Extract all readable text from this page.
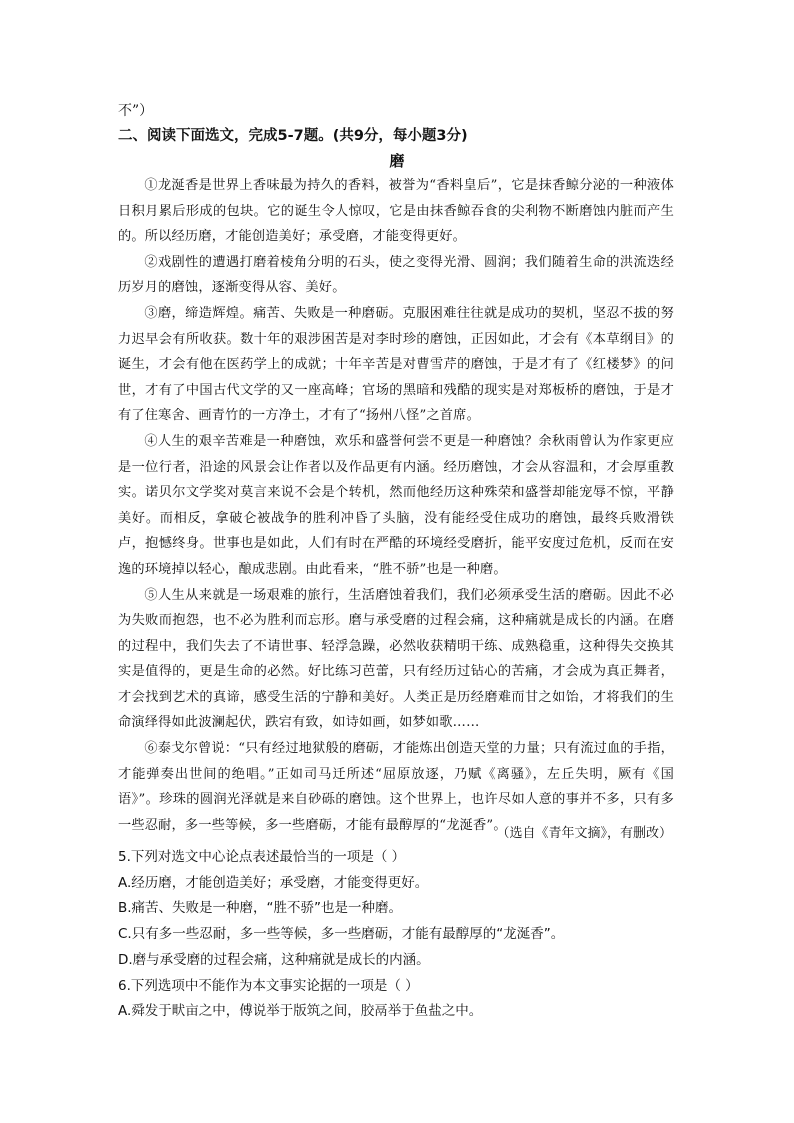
不”）
二、阅读下面选文，完成5-7题。(共9分，每小题3分)
磨

①龙涎香是世界上香味最为持久的香料，被誉为“香料皇后”，它是抹香鲸分泌的一种液体日积月累后形成的包块。它的诞生令人惊叹，它是由抹香鲸吞食的尖利物不断磨蚀内脏而产生的。所以经历磨，才能创造美好；承受磨，才能变得更好。

②戏剧性的遭遇打磨着棱角分明的石头，使之变得光滑、圆润；我们随着生命的洪流迭经历岁月的磨蚀，逐渐变得从容、美好。

③磨，缔造辉煌。痛苦、失败是一种磨砺。克服困难往往就是成功的契机，坚忍不拔的努力迟早会有所收获。数十年的艰涉困苦是对李时珍的磨蚀，正因如此，才会有《本草纲目》的诞生，才会有他在医药学上的成就；十年辛苦是对曹雪芹的磨蚀，于是才有了《红楼梦》的问世，才有了中国古代文学的又一座高峰；官场的黑暗和残酷的现实是对郑板桥的磨蚀，于是才有了住寒舍、画青竹的一方净土，才有了“扬州八怪”之首席。

④人生的艰辛苦难是一种磨蚀，欢乐和盛誉何尝不更是一种磨蚀？余秋雨曾认为作家更应是一位行者，沿途的风景会让作者以及作品更有内涵。经历磨蚀，才会从容温和，才会厚重教实。诺贝尔文学奖对莫言来说不会是个转机，然而他经历这种殊荣和盛誉却能宠辱不惊，平静美好。而相反，拿破仑被战争的胜利冲昏了头脑，没有能经受住成功的磨蚀，最终兵败滑铁卢，抱憾终身。世事也是如此，人们有时在严酷的环境经受磨折，能平安度过危机，反而在安逸的环境掉以轻心，酿成悲剧。由此看来，“胜不骄”也是一种磨。

⑤人生从来就是一场艰难的旅行，生活磨蚀着我们，我们必须承受生活的磨砺。因此不必为失败而抱怨，也不必为胜利而忘形。磨与承受磨的过程会痛，这种痛就是成长的内涵。在磨的过程中，我们失去了不请世事、轻浮急躁，必然收获精明干练、成熟稳重，这种得失交换其实是值得的，更是生命的必然。好比练习芭蕾，只有经历过钻心的苦痛，才会成为真正舞者，才会找到艺术的真谛，感受生活的宁静和美好。人类正是历经磨难而甘之如饴，才将我们的生命演绎得如此波澜起伏，跌宕有致，如诗如画，如梦如歌……

⑥泰戈尔曾说：“只有经过地狱般的磨砺，才能炼出创造天堂的力量；只有流过血的手指，才能弹奏出世间的绝唱。”正如司马迁所述“屈原放逐，乃赋《离骚》，左丘失明，厥有《国语》”。珍珠的圆润光泽就是来自砂砾的磨蚀。这个世界上，也许尽如人意的事并不多，只有多一些忍耐，多一些等候，多一些磨砺，才能有最醇厚的“龙涎香”。

（选自《青年文摘》，有删改）
5.下列对选文中心论点表述最恰当的一项是（ ）
A.经历磨，才能创造美好；承受磨，才能变得更好。
B.痛苦、失败是一种磨，“胜不骄”也是一种磨。
C.只有多一些忍耐，多一些等候，多一些磨砺，才能有最醇厚的“龙涎香”。
D.磨与承受磨的过程会痛，这种痛就是成长的内涵。
6.下列选项中不能作为本文事实论据的一项是（ ）
A.舜发于畎亩之中，傅说举于版筑之间，胶鬲举于鱼盐之中。
